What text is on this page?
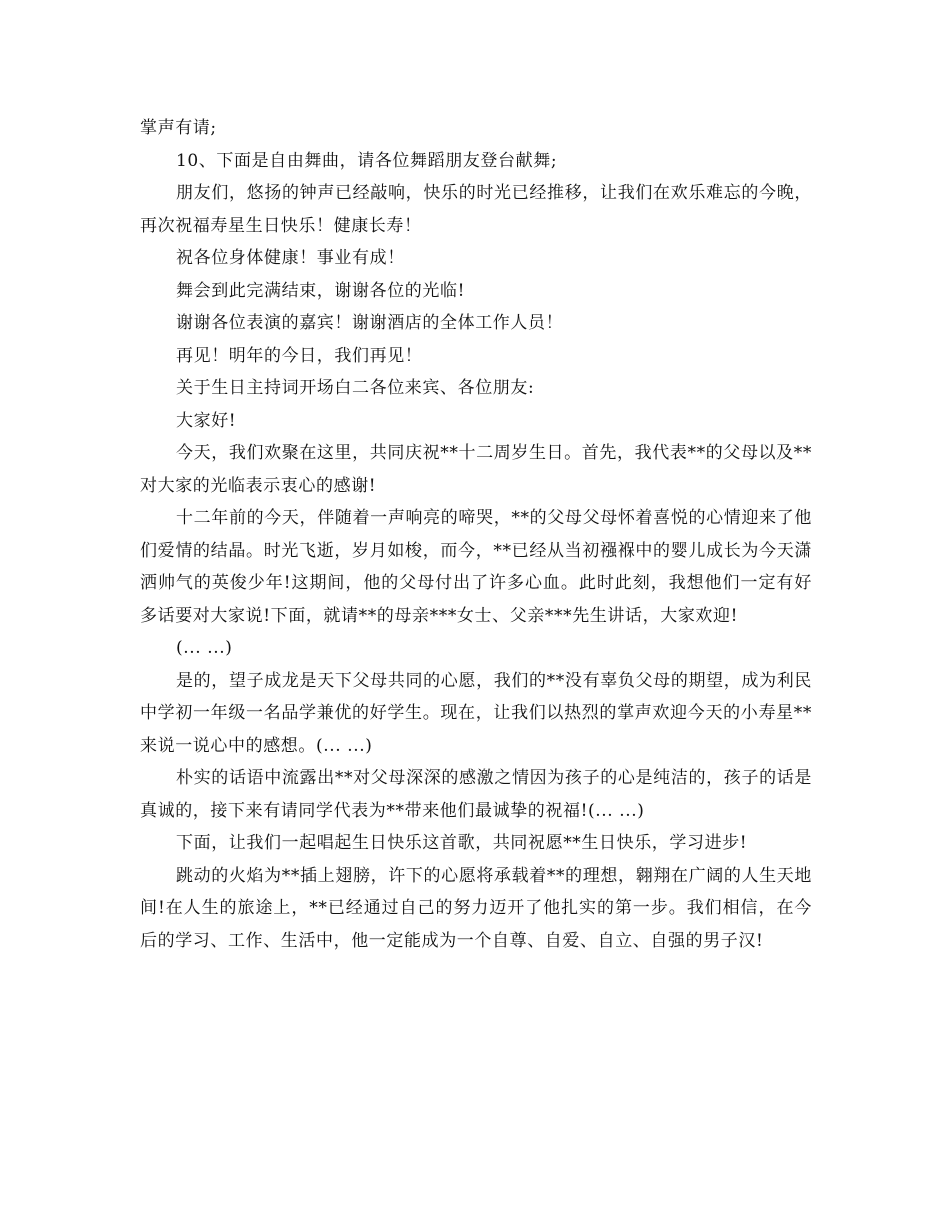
掌声有请;

10、下面是自由舞曲，请各位舞蹈朋友登台献舞;

朋友们，悠扬的钟声已经敲响，快乐的时光已经推移，让我们在欢乐难忘的今晚，再次祝福寿星生日快乐！健康长寿！

祝各位身体健康！事业有成！

舞会到此完满结束，谢谢各位的光临!

谢谢各位表演的嘉宾！谢谢酒店的全体工作人员！

再见！明年的今日，我们再见！

关于生日主持词开场白二各位来宾、各位朋友:

大家好!

今天，我们欢聚在这里，共同庆祝**十二周岁生日。首先，我代表**的父母以及**对大家的光临表示衷心的感谢!

十二年前的今天，伴随着一声响亮的啼哭，**的父母父母怀着喜悦的心情迎来了他们爱情的结晶。时光飞逝，岁月如梭，而今，**已经从当初襁褓中的婴儿成长为今天潇洒帅气的英俊少年!这期间，他的父母付出了许多心血。此时此刻，我想他们一定有好多话要对大家说!下面，就请**的母亲***女士、父亲***先生讲话，大家欢迎!

(... ...)

是的，望子成龙是天下父母共同的心愿，我们的**没有辜负父母的期望，成为利民中学初一年级一名品学兼优的好学生。现在，让我们以热烈的掌声欢迎今天的小寿星**来说一说心中的感想。(... ...)

朴实的话语中流露出**对父母深深的感激之情因为孩子的心是纯洁的，孩子的话是真诚的，接下来有请同学代表为**带来他们最诚挚的祝福!(... ...)

下面，让我们一起唱起生日快乐这首歌，共同祝愿**生日快乐，学习进步!

跳动的火焰为**插上翅膀，许下的心愿将承载着**的理想，翱翔在广阔的人生天地间!在人生的旅途上，**已经通过自己的努力迈开了他扎实的第一步。我们相信，在今后的学习、工作、生活中，他一定能成为一个自尊、自爱、自立、自强的男子汉!
